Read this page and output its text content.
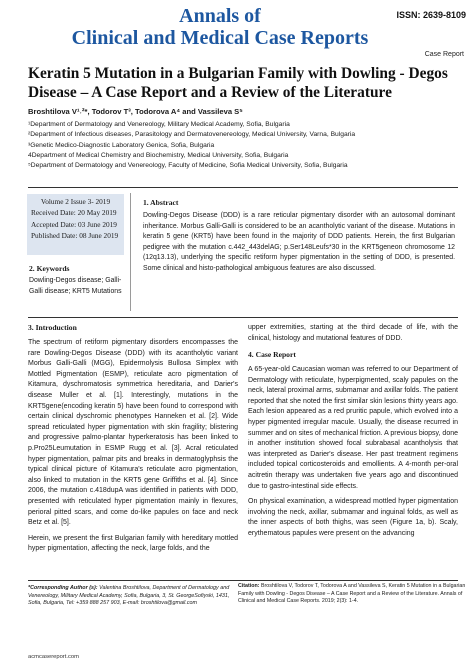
Annals of
Clinical and Medical Case Reports
ISSN: 2639-8109
Case Report
Keratin 5 Mutation in a Bulgarian Family with Dowling - Degos Disease – A Case Report and a Review of the Literature
Broshtilova V¹˒²*, Todorov T³, Todorova A⁴ and Vassileva S⁵
¹Department of Dermatology and Venereology, Military Medical Academy, Sofia, Bulgaria
²Department of Infectious diseases, Parasitology and Dermatovenereology, Medical University, Varna, Bulgaria
³Genetic Medico-Diagnostic Laboratory Genica, Sofia, Bulgaria
4Department of Medical Chemistry and Biochemistry, Medical University, Sofia, Bulgaria
⁵Department of Dermatology and Venereology, Faculty of Medicine, Sofia Medical University, Sofia, Bulgaria
Volume 2 Issue 3- 2019
Received Date: 20 May 2019
Accepted Date: 03 June 2019
Published Date: 08 June 2019
1. Abstract
Dowling-Degos Disease (DDD) is a rare reticular pigmentary disorder with an autosomal dominant inheritance. Morbus Galli-Galli is considered to be an acantholytic variant of the disease. Mutations in keratin 5 gene (KRT5) have been found in the majority of DDD patients. Herein, the first Bulgarian pedigree with the mutation c.442_443delAG; p.Ser148Leufs*30 in the KRT5geneon chromosome 12 (12q13.13), underlying the specific retiform hyper pigmentation in the setting of DDD, is presented. Some clinical and histo-pathological ambiguous features are also discussed.
2. Keywords
Dowling-Degos disease; Galli-Galli disease; KRT5 Mutations
3. Introduction

The spectrum of retiform pigmentary disorders encompasses the rare Dowling-Degos Disease (DDD) with its acantholytic variant Morbus Galli-Galli (MGG), Epidermolysis Bullosa Simplex with Mottled Pigmentation (ESMP), reticulate acro pigmentation of Kitamura, dyschromatosis symmetrica hereditaria, and Darier's disease Muller et al. [1]. Interestingly, mutations in the KRT5gene(encoding keratin 5) have been found to correspond with certain clinical dyschromic phenotypes Hanneken et al. [2]. Wide spread reticulated hyper pigmentation with skin fragility; blistering and progressive palmo-plantar hyperkeratosis has been linked to p.Pro25Leumutation in ESMP Rugg et al. [3]. Acral reticulated hyper pigmentation, palmar pits and breaks in dermatoglyphsis the typical clinical picture of Kitamura's reticulate acro pigmentation, also linked to mutation in the KRT5 gene Griffiths et al. [4]. Since 2006, the mutation c.418dupA was identified in patients with DDD, presented with reticulated hyper pigmentation mainly in flexures, perioral pitted scars, and come do-like papules on face and neck Betz et al. [5].

Herein, we present the first Bulgarian family with hereditary mottled hyper pigmentation, affecting the neck, large folds, and the

upper extremities, starting at the third decade of life, with the clinical, histology and mutational features of DDD.

4. Case Report

A 65-year-old Caucasian woman was referred to our Department of Dermatology with reticulate, hyperpigmented, scaly papules on the neck, lateral proximal arms, submamar and axillar folds. The patient reported that she noted the first similar skin lesions thirty years ago. Each lesion appeared as a red pruritic papule, which evolved into a hyper pigmented irregular macule. Usually, the disease recurred in summer and on sites of mechanical friction. A previous biopsy, done in another institution showed focal subrabasal acantholysis that was interpreted as Darier's disease. Her past treatment regimens included topical corticosteroids and emollients. A 4-month per-oral acitretin therapy was undertaken five years ago and discontinued due to gastro-intestinal side effects.

On physical examination, a widespread mottled hyper pigmentation involving the neck, axillar, submamar and inguinal folds, as well as the inner aspects of both thighs, was seen (Figure 1a, b). Scaly, erythematous papules were present on the advancing

*Corresponding Author (s): Valentina Broshtilova, Department of Dermatology and Venereology, Military Medical Academy, Sofia, Bulgaria, 3, St. GeorgeSofiyski, 1431, Sofia, Bulgaria, Tel: +359 888 257 903, E-mail: broshtilova@gmail.com
Citation: Broshtilova V, Todorov T, Todorova A and Vassileva S, Keratin 5 Mutation in a Bulgarian Family with Dowling - Degos Disease – A Case Report and a Review of the Literature. Annals of Clinical and Medical Case Reports. 2019; 2(3): 1-4.
acmcasereport.com
